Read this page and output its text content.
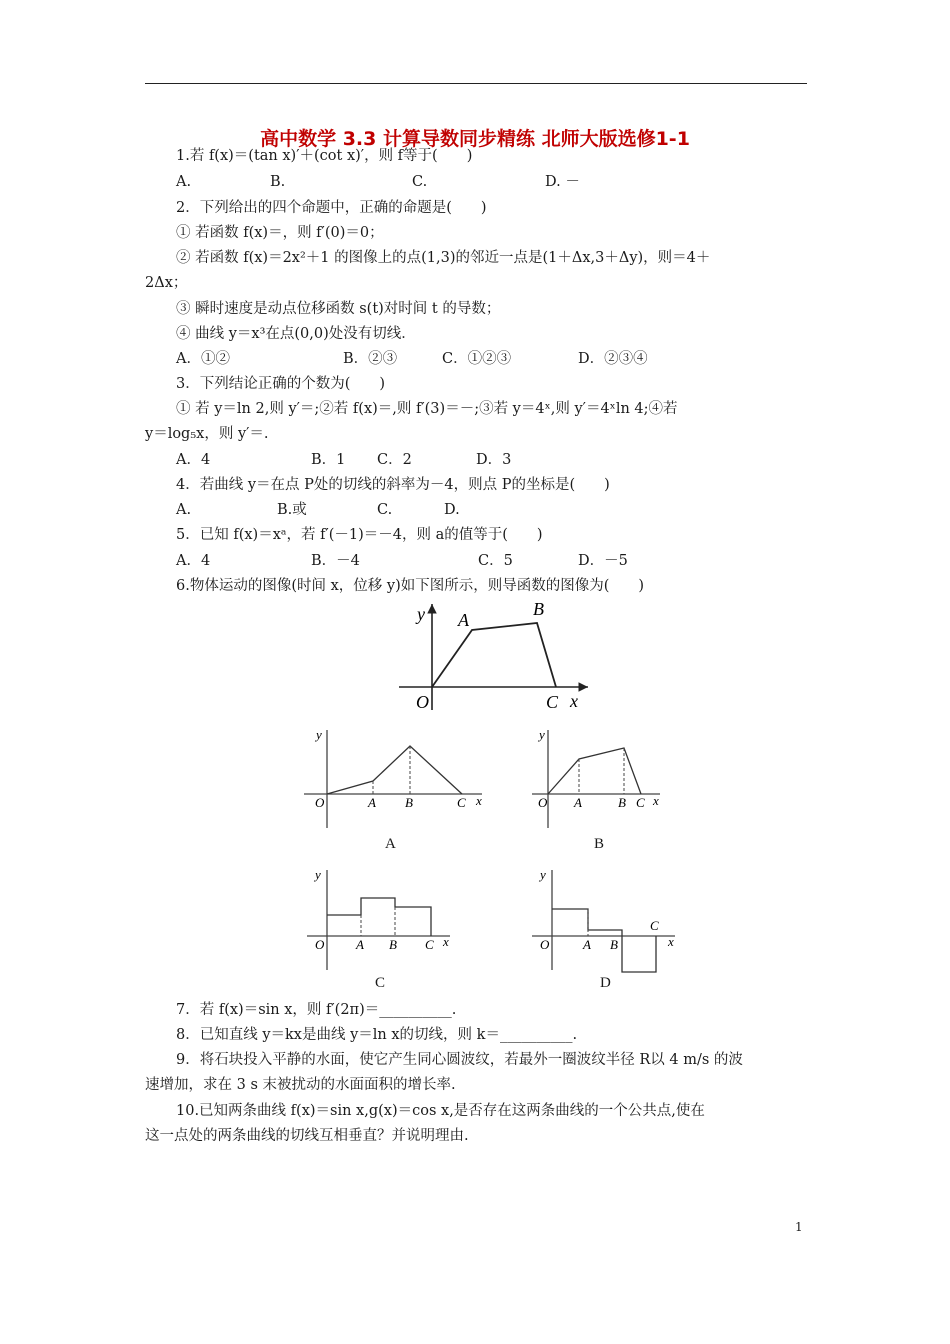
高中数学 3.3 计算导数同步精练 北师大版选修1-1
1.若 f(x)＝(tan x)′＋(cot x)′，则 f等于(　　)
A.	B.	C.	D. －
2．下列给出的四个命题中，正确的命题是(　　)
① 若函数 f(x)＝，则 f′(0)＝0；
② 若函数 f(x)＝2x²＋1 的图像上的点(1,3)的邻近一点是(1＋Δx,3＋Δy)，则＝4＋
2Δx；
③ 瞬时速度是动点位移函数 s(t)对时间 t 的导数；
④ 曲线 y＝x³在点(0,0)处没有切线．
A．①②	B．②③	C．①②③	D．②③④
3．下列结论正确的个数为(　　)
① 若 y＝ln 2,则 y′＝;②若 f(x)＝,则 f′(3)＝－;③若 y＝4ˣ,则 y′＝4ˣln 4;④若
y＝log₅x，则 y′＝.
A．4	B．1 C．2	D．3
4．若曲线 y＝在点 P处的切线的斜率为－4，则点 P的坐标是(　　)
A.	B.或	C.	D.
5．已知 f(x)＝xᵃ，若 f′(－1)＝－4，则 a的值等于(　　)
A．4	B．－4	C．5	D．－5
6.物体运动的图像(时间 x，位移 y)如下图所示，则导函数的图像为(　　)
y A
B
O	C x
y
O	A B	C x
A
y
O A	B C x
B
y
O A B C x
C
y
O	A B
C
x
D
7．若 f(x)＝sin x，则 f′(2π)＝__________.
8．已知直线 y＝kx是曲线 y＝ln x的切线，则 k＝__________.
9．将石块投入平静的水面，使它产生同心圆波纹，若最外一圈波纹半径 R以 4 m/s 的波
速增加，求在 3 s 末被扰动的水面面积的增长率.
10.已知两条曲线 f(x)＝sin x,g(x)＝cos x,是否存在这两条曲线的一个公共点,使在
这一点处的两条曲线的切线互相垂直？并说明理由.
1
